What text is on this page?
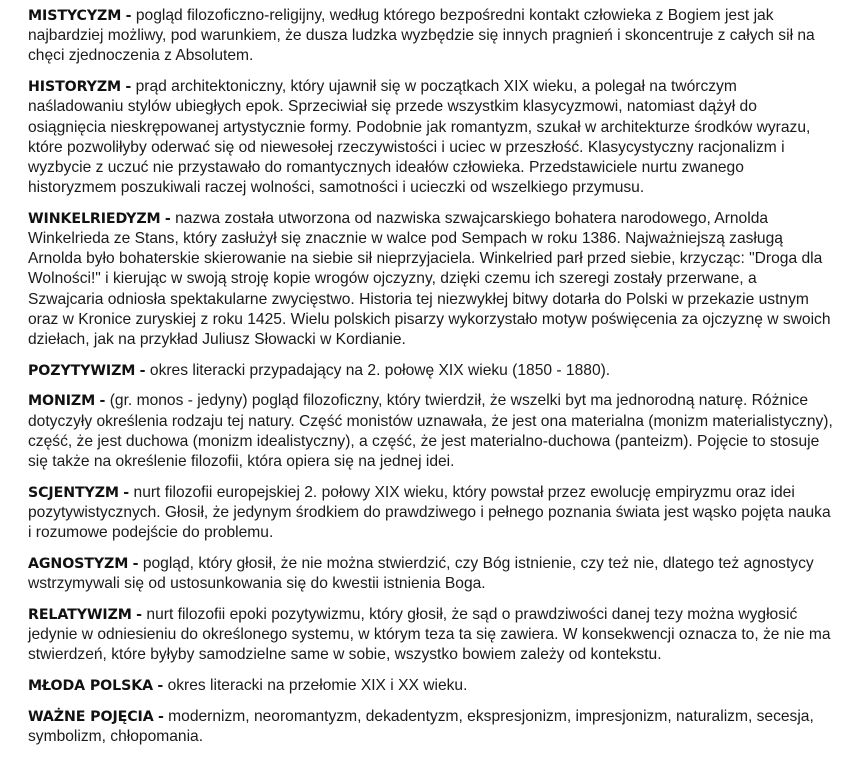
MISTYCYZM - pogląd filozoficzno-religijny, według którego bezpośredni kontakt człowieka z Bogiem jest jak najbardziej możliwy, pod warunkiem, że dusza ludzka wyzbędzie się innych pragnień i skoncentruje z całych sił na chęci zjednoczenia z Absolutem.

HISTORYZM - prąd architektoniczny, który ujawnił się w początkach XIX wieku, a polegał na twórczym naśladowaniu stylów ubiegłych epok. Sprzeciwiał się przede wszystkim klasycyzmowi, natomiast dążył do osiągnięcia nieskrępowanej artystycznie formy. Podobnie jak romantyzm, szukał w architekturze środków wyrazu, które pozwoliłyby oderwać się od niewesołej rzeczywistości i uciec w przeszłość. Klasycystyczny racjonalizm i wyzbycie z uczuć nie przystawało do romantycznych ideałów człowieka. Przedstawiciele nurtu zwanego historyzmem poszukiwali raczej wolności, samotności i ucieczki od wszelkiego przymusu.

WINKELRIEDYZM - nazwa została utworzona od nazwiska szwajcarskiego bohatera narodowego, Arnolda Winkelrieda ze Stans, który zasłużył się znacznie w walce pod Sempach w roku 1386. Najważniejszą zasługą Arnolda było bohaterskie skierowanie na siebie sił nieprzyjaciela. Winkelried parł przed siebie, krzycząc: "Droga dla Wolności!" i kierując w swoją stroję kopie wrogów ojczyzny, dzięki czemu ich szeregi zostały przerwane, a Szwajcaria odniosła spektakularne zwycięstwo. Historia tej niezwykłej bitwy dotarła do Polski w przekazie ustnym oraz w Kronice zuryskiej z roku 1425. Wielu polskich pisarzy wykorzystało motyw poświęcenia za ojczyznę w swoich dziełach, jak na przykład Juliusz Słowacki w Kordianie.

POZYTYWIZM - okres literacki przypadający na 2. połowę XIX wieku (1850 - 1880).

MONIZM - (gr. monos - jedyny) pogląd filozoficzny, który twierdził, że wszelki byt ma jednorodną naturę. Różnice dotyczyły określenia rodzaju tej natury. Część monistów uznawała, że jest ona materialna (monizm materialistyczny), część, że jest duchowa (monizm idealistyczny), a część, że jest materialno-duchowa (panteizm). Pojęcie to stosuje się także na określenie filozofii, która opiera się na jednej idei.

SCJENTYZM - nurt filozofii europejskiej 2. połowy XIX wieku, który powstał przez ewolucję empiryzmu oraz idei pozytywistycznych. Głosił, że jedynym środkiem do prawdziwego i pełnego poznania świata jest wąsko pojęta nauka i rozumowe podejście do problemu.

AGNOSTYZM - pogląd, który głosił, że nie można stwierdzić, czy Bóg istnienie, czy też nie, dlatego też agnostycy wstrzymywali się od ustosunkowania się do kwestii istnienia Boga.

RELATYWIZM - nurt filozofii epoki pozytywizmu, który głosił, że sąd o prawdziwości danej tezy można wygłosić jedynie w odniesieniu do określonego systemu, w którym teza ta się zawiera. W konsekwencji oznacza to, że nie ma stwierdzeń, które byłyby samodzielne same w sobie, wszystko bowiem zależy od kontekstu.

MŁODA POLSKA - okres literacki na przełomie XIX i XX wieku.

WAŻNE POJĘCIA - modernizm, neoromantyzm, dekadentyzm, ekspresjonizm, impresjonizm, naturalizm, secesja, symbolizm, chłopomania.
